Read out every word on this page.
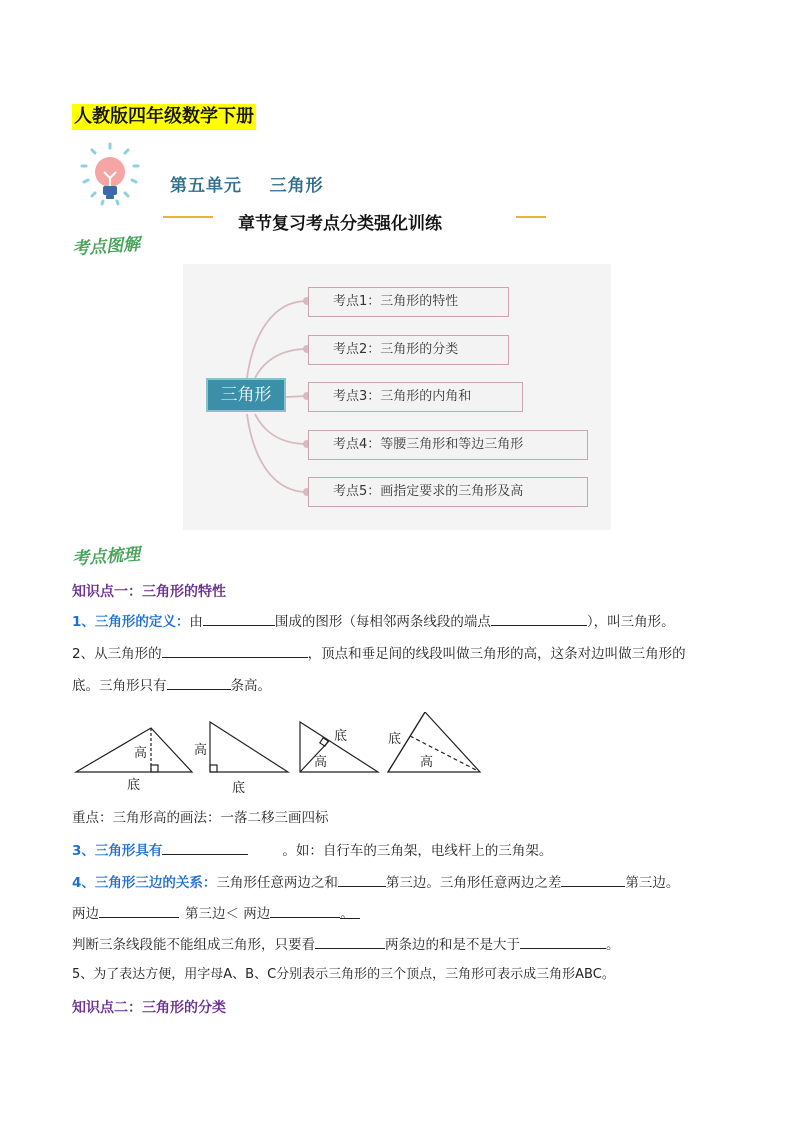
人教版四年级数学下册
第五单元    三角形
章节复习考点分类强化训练
考点图解
三角形
考点1：三角形的特性
考点2：三角形的分类
考点3：三角形的内角和
考点4：等腰三角形和等边三角形
考点5：画指定要求的三角形及高
考点梳理
知识点一：三角形的特性
1、三角形的定义：由	围成的图形（每相邻两条线段的端点	），叫三角形。
2、从三角形的	，顶点和垂足间的线段叫做三角形的高，这条对边叫做三角形的
底。三角形只有	条高。
高
底
高
底
底
高
底
高
重点：三角形高的画法：一落二移三画四标
3、三角形具有	。如：自行车的三角架，电线杆上的三角架。
4、三角形三边的关系：三角形任意两边之和	第三边。三角形任意两边之差	第三边。
两边	第三边＜ 两边	。
判断三条线段能不能组成三角形，只要看	两条边的和是不是大于	。
5、为了表达方便，用字母A、B、C分别表示三角形的三个顶点，三角形可表示成三角形ABC。
知识点二：三角形的分类
